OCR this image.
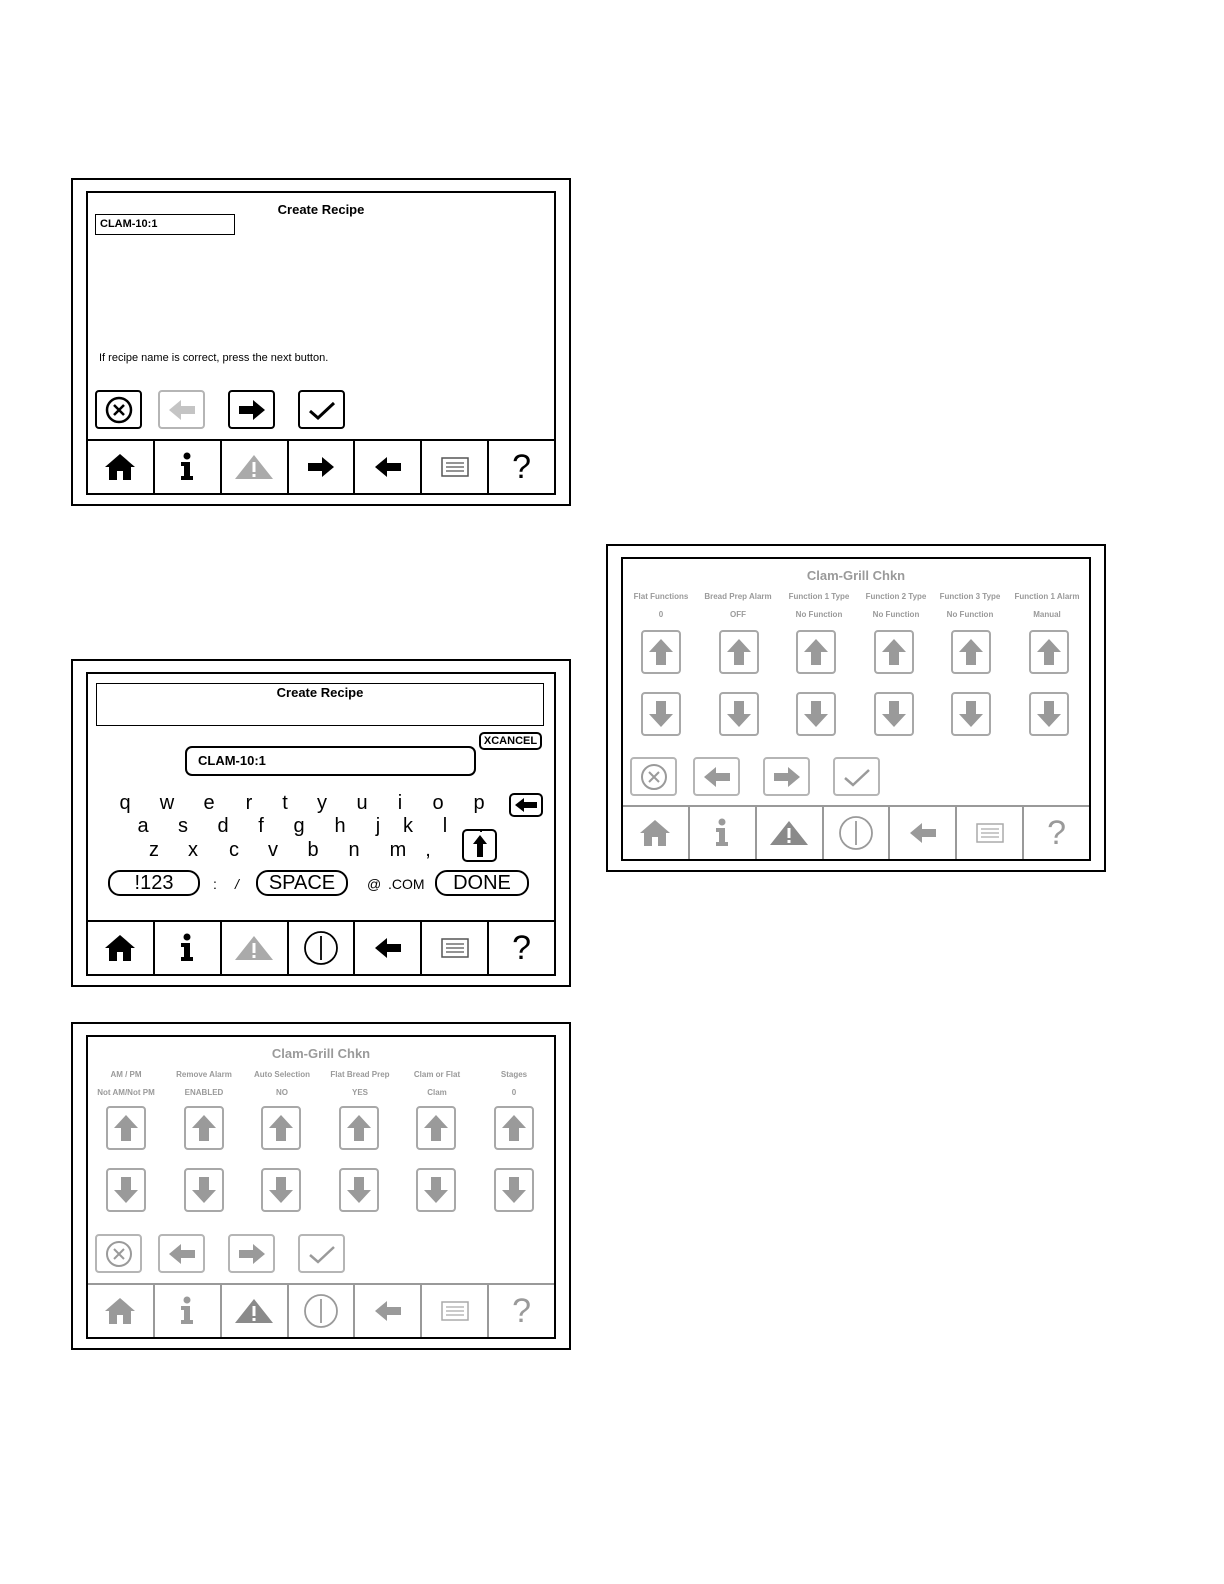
Create Recipe
CLAM-10:1
If recipe name is correct, press the next button.
?
Create Recipe
XCANCEL
CLAM-10:1
q w e	r	t	y u	i	o p
a s d	f	g h	j	k	l	.
z x c v b n m ,
!123	: /	SPACE	@ .COM	DONE
?
Clam-Grill Chkn
AM / PM	Remove Alarm	Auto Selection	Flat Bread Prep	Clam or Flat	Stages
Not AM/Not PM	ENABLED	NO	YES	Clam	0
?
Clam-Grill Chkn
Flat Functions	Bread Prep Alarm	Function 1 Type	Function 2 Type	Function 3 Type	Function 1 Alarm
0	OFF	No Function	No Function	No Function	Manual
?
